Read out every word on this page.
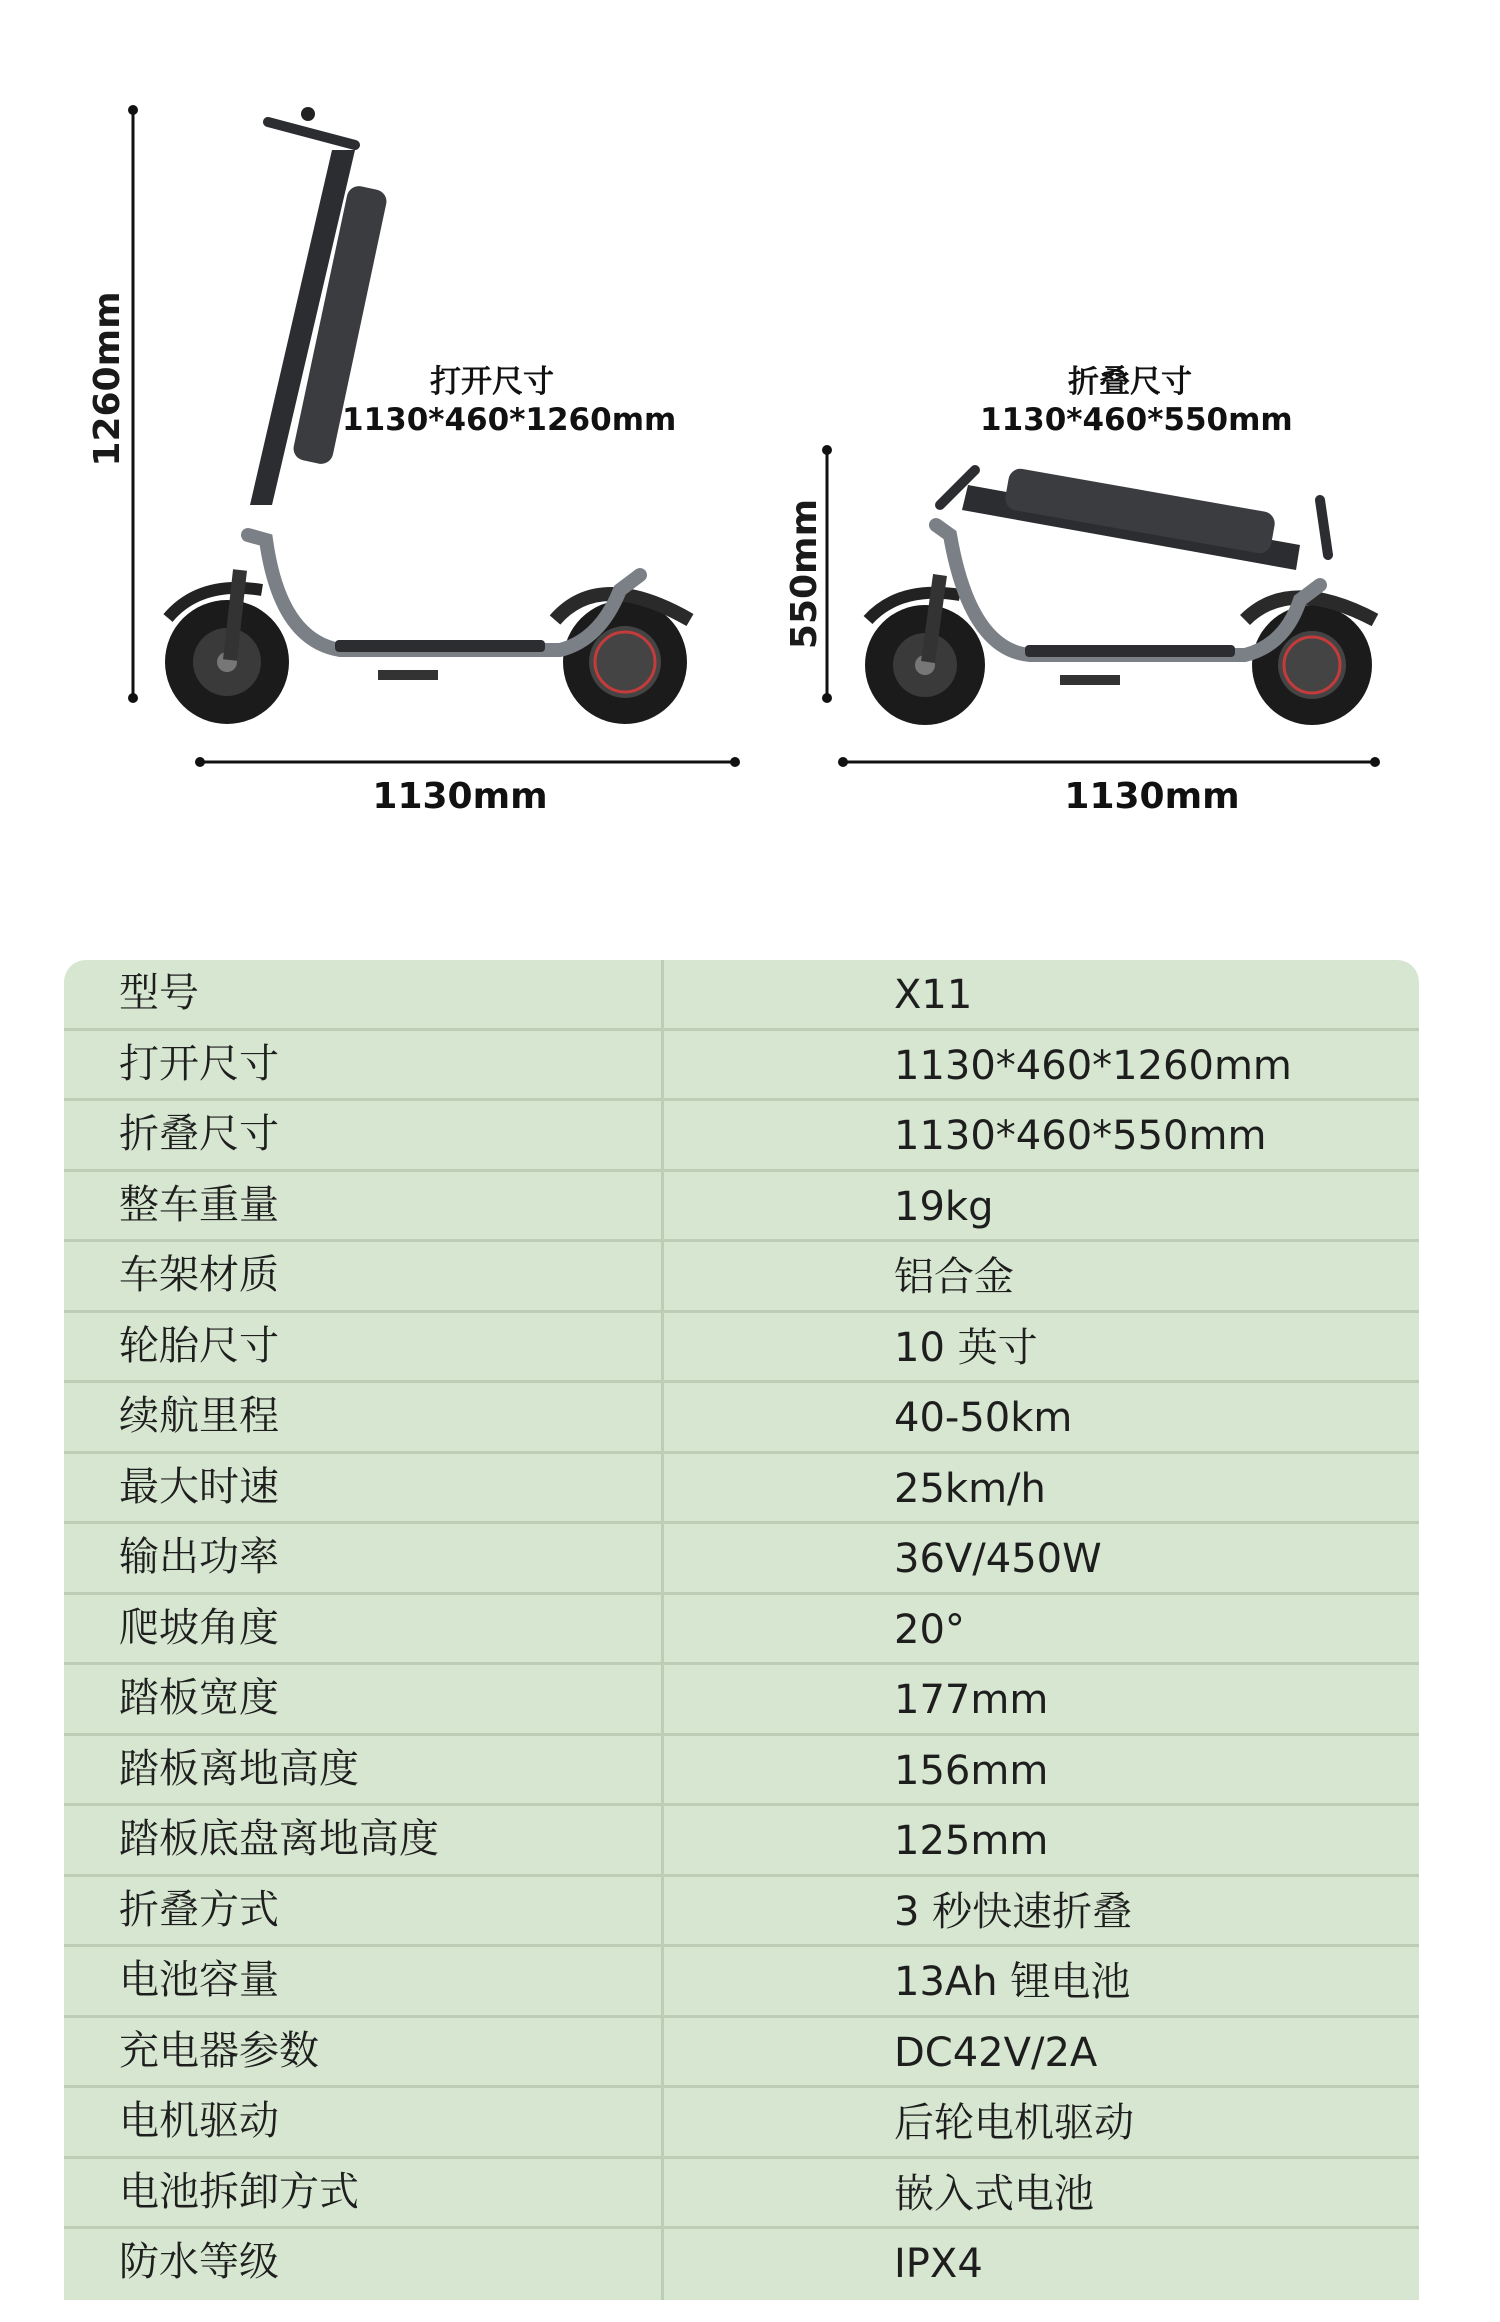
打开尺寸
1130*460*1260mm
1260mm
1130mm
折叠尺寸
1130*460*550mm
550mm
1130mm
型号	X11
打开尺寸	1130*460*1260mm
折叠尺寸	1130*460*550mm
整车重量	19kg
车架材质	铝合金
轮胎尺寸	10 英寸
续航里程	40-50km
最大时速	25km/h
输出功率	36V/450W
爬坡角度	20°
踏板宽度	177mm
踏板离地高度	156mm
踏板底盘离地高度	125mm
折叠方式	3 秒快速折叠
电池容量	13Ah 锂电池
充电器参数	DC42V/2A
电机驱动	后轮电机驱动
电池拆卸方式	嵌入式电池
防水等级	IPX4
